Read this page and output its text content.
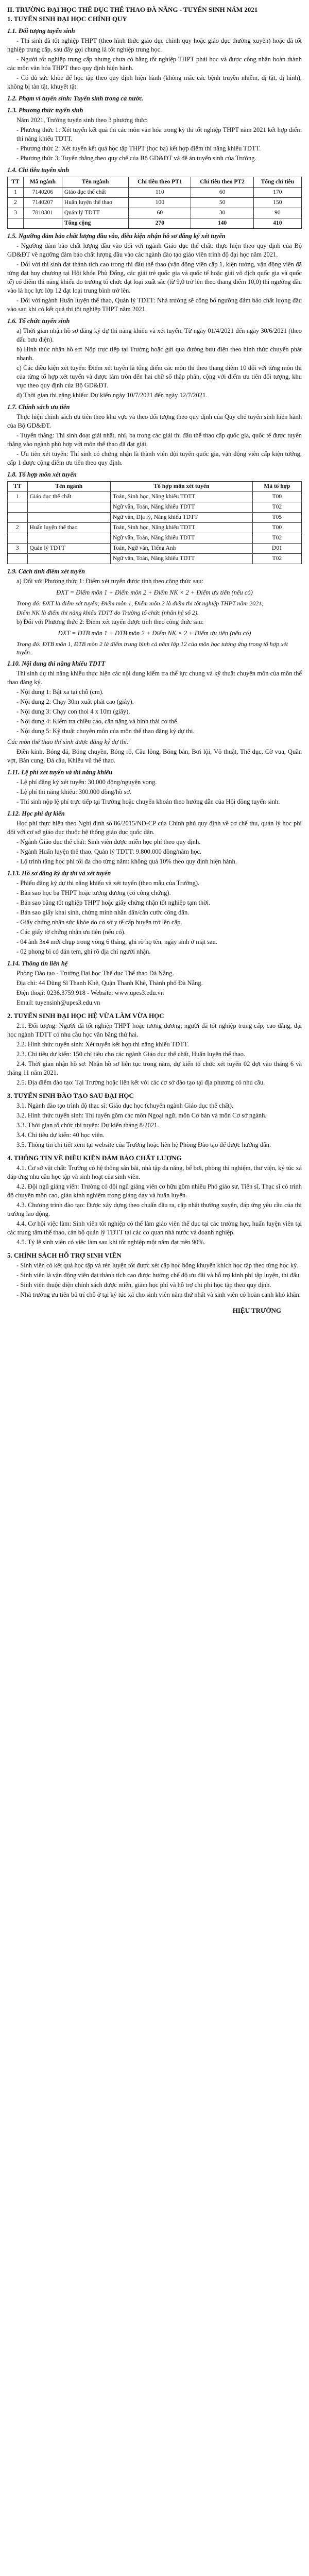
II. TRƯỜNG ĐẠI HỌC THỂ DỤC THỂ THAO ĐÀ NẴNG - TUYỂN SINH NĂM 2021
1. TUYỂN SINH ĐẠI HỌC CHÍNH QUY
1.1. Đối tượng tuyển sinh
- Thí sinh đã tốt nghiệp THPT (theo hình thức giáo dục chính quy hoặc giáo dục thường xuyên) hoặc đã tốt nghiệp trung cấp, sau đây gọi chung là tốt nghiệp trung học.
- Người tốt nghiệp trung cấp nhưng chưa có bằng tốt nghiệp THPT phải học và được công nhận hoàn thành các môn văn hóa THPT theo quy định hiện hành.
- Có đủ sức khỏe để học tập theo quy định hiện hành (không mắc các bệnh truyền nhiễm, dị tật, dị hình), không bị tàn tật, khuyết tật.
1.2. Phạm vi tuyển sinh: Tuyển sinh trong cả nước.
1.3. Phương thức tuyển sinh
Năm 2021, Trường tuyển sinh theo 3 phương thức:
- Phương thức 1: Xét tuyển kết quả thi các môn văn hóa trong kỳ thi tốt nghiệp THPT năm 2021 kết hợp điểm thi năng khiếu TDTT.
- Phương thức 2: Xét tuyển kết quả học tập THPT (học bạ) kết hợp điểm thi năng khiếu TDTT.
- Phương thức 3: Tuyển thẳng theo quy chế của Bộ GD&ĐT và đề án tuyển sinh của Trường.
1.4. Chỉ tiêu tuyển sinh
TT	Mã ngành	Tên ngành	Chỉ tiêu theo PT1	Chỉ tiêu theo PT2	Tổng chỉ tiêu
1	7140206	Giáo dục thể chất	110	60	170
2	7140207	Huấn luyện thể thao	100	50	150
3	7810301	Quản lý TDTT	60	30	90
		Tổng cộng	270	140	410
1.5. Ngưỡng đảm bảo chất lượng đầu vào, điều kiện nhận hồ sơ đăng ký xét tuyển
- Ngưỡng đảm bảo chất lượng đầu vào đối với ngành Giáo dục thể chất: thực hiện theo quy định của Bộ GD&ĐT về ngưỡng đảm bảo chất lượng đầu vào các ngành đào tạo giáo viên trình độ đại học năm 2021.
- Đối với thí sinh đạt thành tích cao trong thi đấu thể thao (vận động viên cấp 1, kiện tướng, vận động viên đã từng đạt huy chương tại Hội khỏe Phù Đổng, các giải trẻ quốc gia và quốc tế hoặc giải vô địch quốc gia và quốc tế) có điểm thi năng khiếu do trường tổ chức đạt loại xuất sắc (từ 9,0 trở lên theo thang điểm 10,0) thì ngưỡng đầu vào là học lực lớp 12 đạt loại trung bình trở lên.
- Đối với ngành Huấn luyện thể thao, Quản lý TDTT: Nhà trường sẽ công bố ngưỡng đảm bảo chất lượng đầu vào sau khi có kết quả thi tốt nghiệp THPT năm 2021.
1.6. Tổ chức tuyển sinh
a) Thời gian nhận hồ sơ đăng ký dự thi năng khiếu và xét tuyển: Từ ngày 01/4/2021 đến ngày 30/6/2021 (theo dấu bưu điện).
b) Hình thức nhận hồ sơ: Nộp trực tiếp tại Trường hoặc gửi qua đường bưu điện theo hình thức chuyển phát nhanh.
c) Các điều kiện xét tuyển: Điểm xét tuyển là tổng điểm các môn thi theo thang điểm 10 đối với từng môn thi của từng tổ hợp xét tuyển và được làm tròn đến hai chữ số thập phân, cộng với điểm ưu tiên đối tượng, khu vực theo quy định của Bộ GD&ĐT.
d) Thời gian thi năng khiếu: Dự kiến ngày 10/7/2021 đến ngày 12/7/2021.
1.7. Chính sách ưu tiên
Thực hiện chính sách ưu tiên theo khu vực và theo đối tượng theo quy định của Quy chế tuyển sinh hiện hành của Bộ GD&ĐT.
- Tuyển thẳng: Thí sinh đoạt giải nhất, nhì, ba trong các giải thi đấu thể thao cấp quốc gia, quốc tế được tuyển thẳng vào ngành phù hợp với môn thể thao đã đạt giải.
- Ưu tiên xét tuyển: Thí sinh có chứng nhận là thành viên đội tuyển quốc gia, vận động viên cấp kiện tướng, cấp 1 được cộng điểm ưu tiên theo quy định.
1.8. Tổ hợp môn xét tuyển
TT	Tên ngành	Tổ hợp môn xét tuyển	Mã tổ hợp
1	Giáo dục thể chất	Toán, Sinh học, Năng khiếu TDTT	T00
		Ngữ văn, Toán, Năng khiếu TDTT	T02
		Ngữ văn, Địa lý, Năng khiếu TDTT	T05
2	Huấn luyện thể thao	Toán, Sinh học, Năng khiếu TDTT	T00
		Ngữ văn, Toán, Năng khiếu TDTT	T02
3	Quản lý TDTT	Toán, Ngữ văn, Tiếng Anh	D01
		Ngữ văn, Toán, Năng khiếu TDTT	T02
1.9. Cách tính điểm xét tuyển
a) Đối với Phương thức 1: Điểm xét tuyển được tính theo công thức sau:
ĐXT = Điểm môn 1 + Điểm môn 2 + Điểm NK × 2 + Điểm ưu tiên (nếu có)
Trong đó: ĐXT là điểm xét tuyển; Điểm môn 1, Điểm môn 2 là điểm thi tốt nghiệp THPT năm 2021;
Điểm NK là điểm thi năng khiếu TDTT do Trường tổ chức (nhân hệ số 2).
b) Đối với Phương thức 2: Điểm xét tuyển được tính theo công thức sau:
ĐXT = ĐTB môn 1 + ĐTB môn 2 + Điểm NK × 2 + Điểm ưu tiên (nếu có)
Trong đó: ĐTB môn 1, ĐTB môn 2 là điểm trung bình cả năm lớp 12 của môn học tương ứng trong tổ hợp xét tuyển.
1.10. Nội dung thi năng khiếu TDTT
Thí sinh dự thi năng khiếu thực hiện các nội dung kiểm tra thể lực chung và kỹ thuật chuyên môn của môn thể thao đăng ký.
- Nội dung 1: Bật xa tại chỗ (cm).
- Nội dung 2: Chạy 30m xuất phát cao (giây).
- Nội dung 3: Chạy con thoi 4 x 10m (giây).
- Nội dung 4: Kiểm tra chiều cao, cân nặng và hình thái cơ thể.
- Nội dung 5: Kỹ thuật chuyên môn của môn thể thao đăng ký dự thi.
Các môn thể thao thí sinh được đăng ký dự thi:
Điền kinh, Bóng đá, Bóng chuyền, Bóng rổ, Cầu lông, Bóng bàn, Bơi lội, Võ thuật, Thể dục, Cờ vua, Quần vợt, Bắn cung, Đá cầu, Khiêu vũ thể thao.
1.11. Lệ phí xét tuyển và thi năng khiếu
- Lệ phí đăng ký xét tuyển: 30.000 đồng/nguyện vọng.
- Lệ phí thi năng khiếu: 300.000 đồng/hồ sơ.
- Thí sinh nộp lệ phí trực tiếp tại Trường hoặc chuyển khoản theo hướng dẫn của Hội đồng tuyển sinh.
1.12. Học phí dự kiến
Học phí thực hiện theo Nghị định số 86/2015/NĐ-CP của Chính phủ quy định về cơ chế thu, quản lý học phí đối với cơ sở giáo dục thuộc hệ thống giáo dục quốc dân.
- Ngành Giáo dục thể chất: Sinh viên được miễn học phí theo quy định.
- Ngành Huấn luyện thể thao, Quản lý TDTT: 9.800.000 đồng/năm học.
- Lộ trình tăng học phí tối đa cho từng năm: không quá 10% theo quy định hiện hành.
1.13. Hồ sơ đăng ký dự thi và xét tuyển
- Phiếu đăng ký dự thi năng khiếu và xét tuyển (theo mẫu của Trường).
- Bản sao học bạ THPT hoặc tương đương (có công chứng).
- Bản sao bằng tốt nghiệp THPT hoặc giấy chứng nhận tốt nghiệp tạm thời.
- Bản sao giấy khai sinh, chứng minh nhân dân/căn cước công dân.
- Giấy chứng nhận sức khỏe do cơ sở y tế cấp huyện trở lên cấp.
- Các giấy tờ chứng nhận ưu tiên (nếu có).
- 04 ảnh 3x4 mới chụp trong vòng 6 tháng, ghi rõ họ tên, ngày sinh ở mặt sau.
- 02 phong bì có dán tem, ghi rõ địa chỉ người nhận.
1.14. Thông tin liên hệ
Phòng Đào tạo - Trường Đại học Thể dục Thể thao Đà Nẵng.
Địa chỉ: 44 Dũng Sĩ Thanh Khê, Quận Thanh Khê, Thành phố Đà Nẵng.
Điện thoại: 0236.3759.918 - Website: www.upes3.edu.vn
Email: tuyensinh@upes3.edu.vn
2. TUYỂN SINH ĐẠI HỌC HỆ VỪA LÀM VỪA HỌC
2.1. Đối tượng: Người đã tốt nghiệp THPT hoặc tương đương; người đã tốt nghiệp trung cấp, cao đẳng, đại học ngành TDTT có nhu cầu học văn bằng thứ hai.
2.2. Hình thức tuyển sinh: Xét tuyển kết hợp thi năng khiếu TDTT.
2.3. Chỉ tiêu dự kiến: 150 chỉ tiêu cho các ngành Giáo dục thể chất, Huấn luyện thể thao.
2.4. Thời gian nhận hồ sơ: Nhận hồ sơ liên tục trong năm, dự kiến tổ chức xét tuyển 02 đợt vào tháng 6 và tháng 11 năm 2021.
2.5. Địa điểm đào tạo: Tại Trường hoặc liên kết với các cơ sở đào tạo tại địa phương có nhu cầu.
3. TUYỂN SINH ĐÀO TẠO SAU ĐẠI HỌC
3.1. Ngành đào tạo trình độ thạc sĩ: Giáo dục học (chuyên ngành Giáo dục thể chất).
3.2. Hình thức tuyển sinh: Thi tuyển gồm các môn Ngoại ngữ, môn Cơ bản và môn Cơ sở ngành.
3.3. Thời gian tổ chức thi tuyển: Dự kiến tháng 8/2021.
3.4. Chỉ tiêu dự kiến: 40 học viên.
3.5. Thông tin chi tiết xem tại website của Trường hoặc liên hệ Phòng Đào tạo để được hướng dẫn.
4. THÔNG TIN VỀ ĐIỀU KIỆN ĐẢM BẢO CHẤT LƯỢNG
4.1. Cơ sở vật chất: Trường có hệ thống sân bãi, nhà tập đa năng, bể bơi, phòng thí nghiệm, thư viện, ký túc xá đáp ứng nhu cầu học tập và sinh hoạt của sinh viên.
4.2. Đội ngũ giảng viên: Trường có đội ngũ giảng viên cơ hữu gồm nhiều Phó giáo sư, Tiến sĩ, Thạc sĩ có trình độ chuyên môn cao, giàu kinh nghiệm trong giảng dạy và huấn luyện.
4.3. Chương trình đào tạo: Được xây dựng theo chuẩn đầu ra, cập nhật thường xuyên, đáp ứng yêu cầu của thị trường lao động.
4.4. Cơ hội việc làm: Sinh viên tốt nghiệp có thể làm giáo viên thể dục tại các trường học, huấn luyện viên tại các trung tâm thể thao, cán bộ quản lý TDTT tại các cơ quan nhà nước và doanh nghiệp.
4.5. Tỷ lệ sinh viên có việc làm sau khi tốt nghiệp một năm đạt trên 90%.
5. CHÍNH SÁCH HỖ TRỢ SINH VIÊN
- Sinh viên có kết quả học tập và rèn luyện tốt được xét cấp học bổng khuyến khích học tập theo từng học kỳ.
- Sinh viên là vận động viên đạt thành tích cao được hưởng chế độ ưu đãi và hỗ trợ kinh phí tập luyện, thi đấu.
- Sinh viên thuộc diện chính sách được miễn, giảm học phí và hỗ trợ chi phí học tập theo quy định.
- Nhà trường ưu tiên bố trí chỗ ở tại ký túc xá cho sinh viên năm thứ nhất và sinh viên có hoàn cảnh khó khăn.
HIỆU TRƯỞNG
